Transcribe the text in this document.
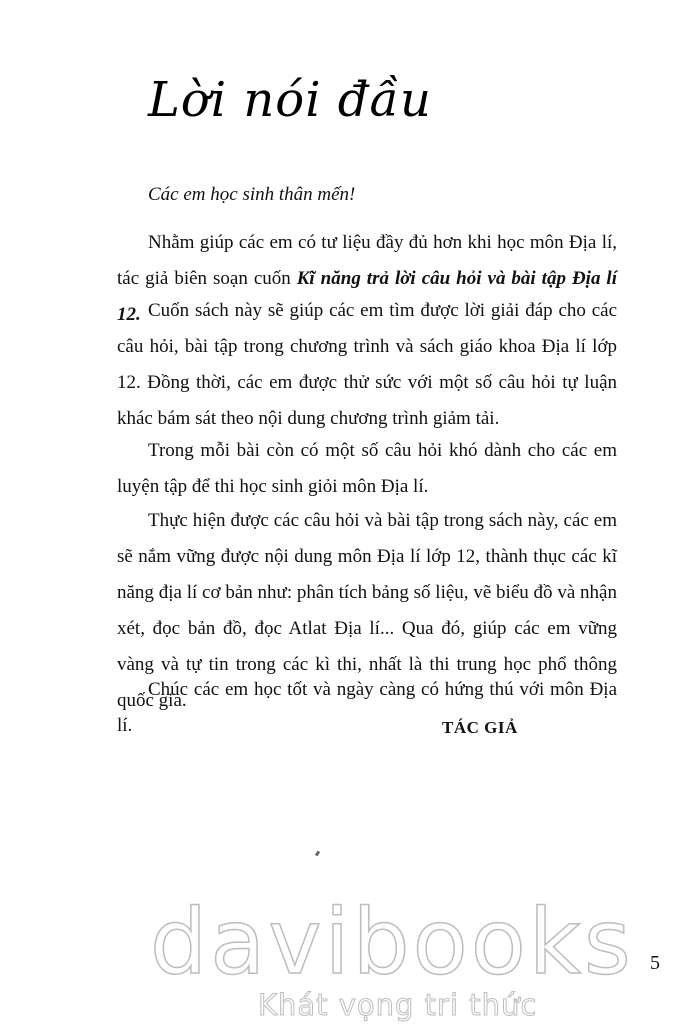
Lời nói đầu
Các em học sinh thân mến!

Nhằm giúp các em có tư liệu đầy đủ hơn khi học môn Địa lí, tác giả biên soạn cuốn Kĩ năng trả lời câu hỏi và bài tập Địa lí 12. Cuốn sách này sẽ giúp các em tìm được lời giải đáp cho các câu hỏi, bài tập trong chương trình và sách giáo khoa Địa lí lớp 12. Đồng thời, các em được thử sức với một số câu hỏi tự luận khác bám sát theo nội dung chương trình giảm tải.

Trong mỗi bài còn có một số câu hỏi khó dành cho các em luyện tập để thi học sinh giỏi môn Địa lí.

Thực hiện được các câu hỏi và bài tập trong sách này, các em sẽ nắm vững được nội dung môn Địa lí lớp 12, thành thục các kĩ năng địa lí cơ bản như: phân tích bảng số liệu, vẽ biểu đồ và nhận xét, đọc bản đồ, đọc Atlat Địa lí... Qua đó, giúp các em vững vàng và tự tin trong các kì thi, nhất là thi trung học phổ thông quốc gia.

Chúc các em học tốt và ngày càng có hứng thú với môn Địa lí.	TÁC GIẢ
davibooks
Khát vọng tri thức
5
